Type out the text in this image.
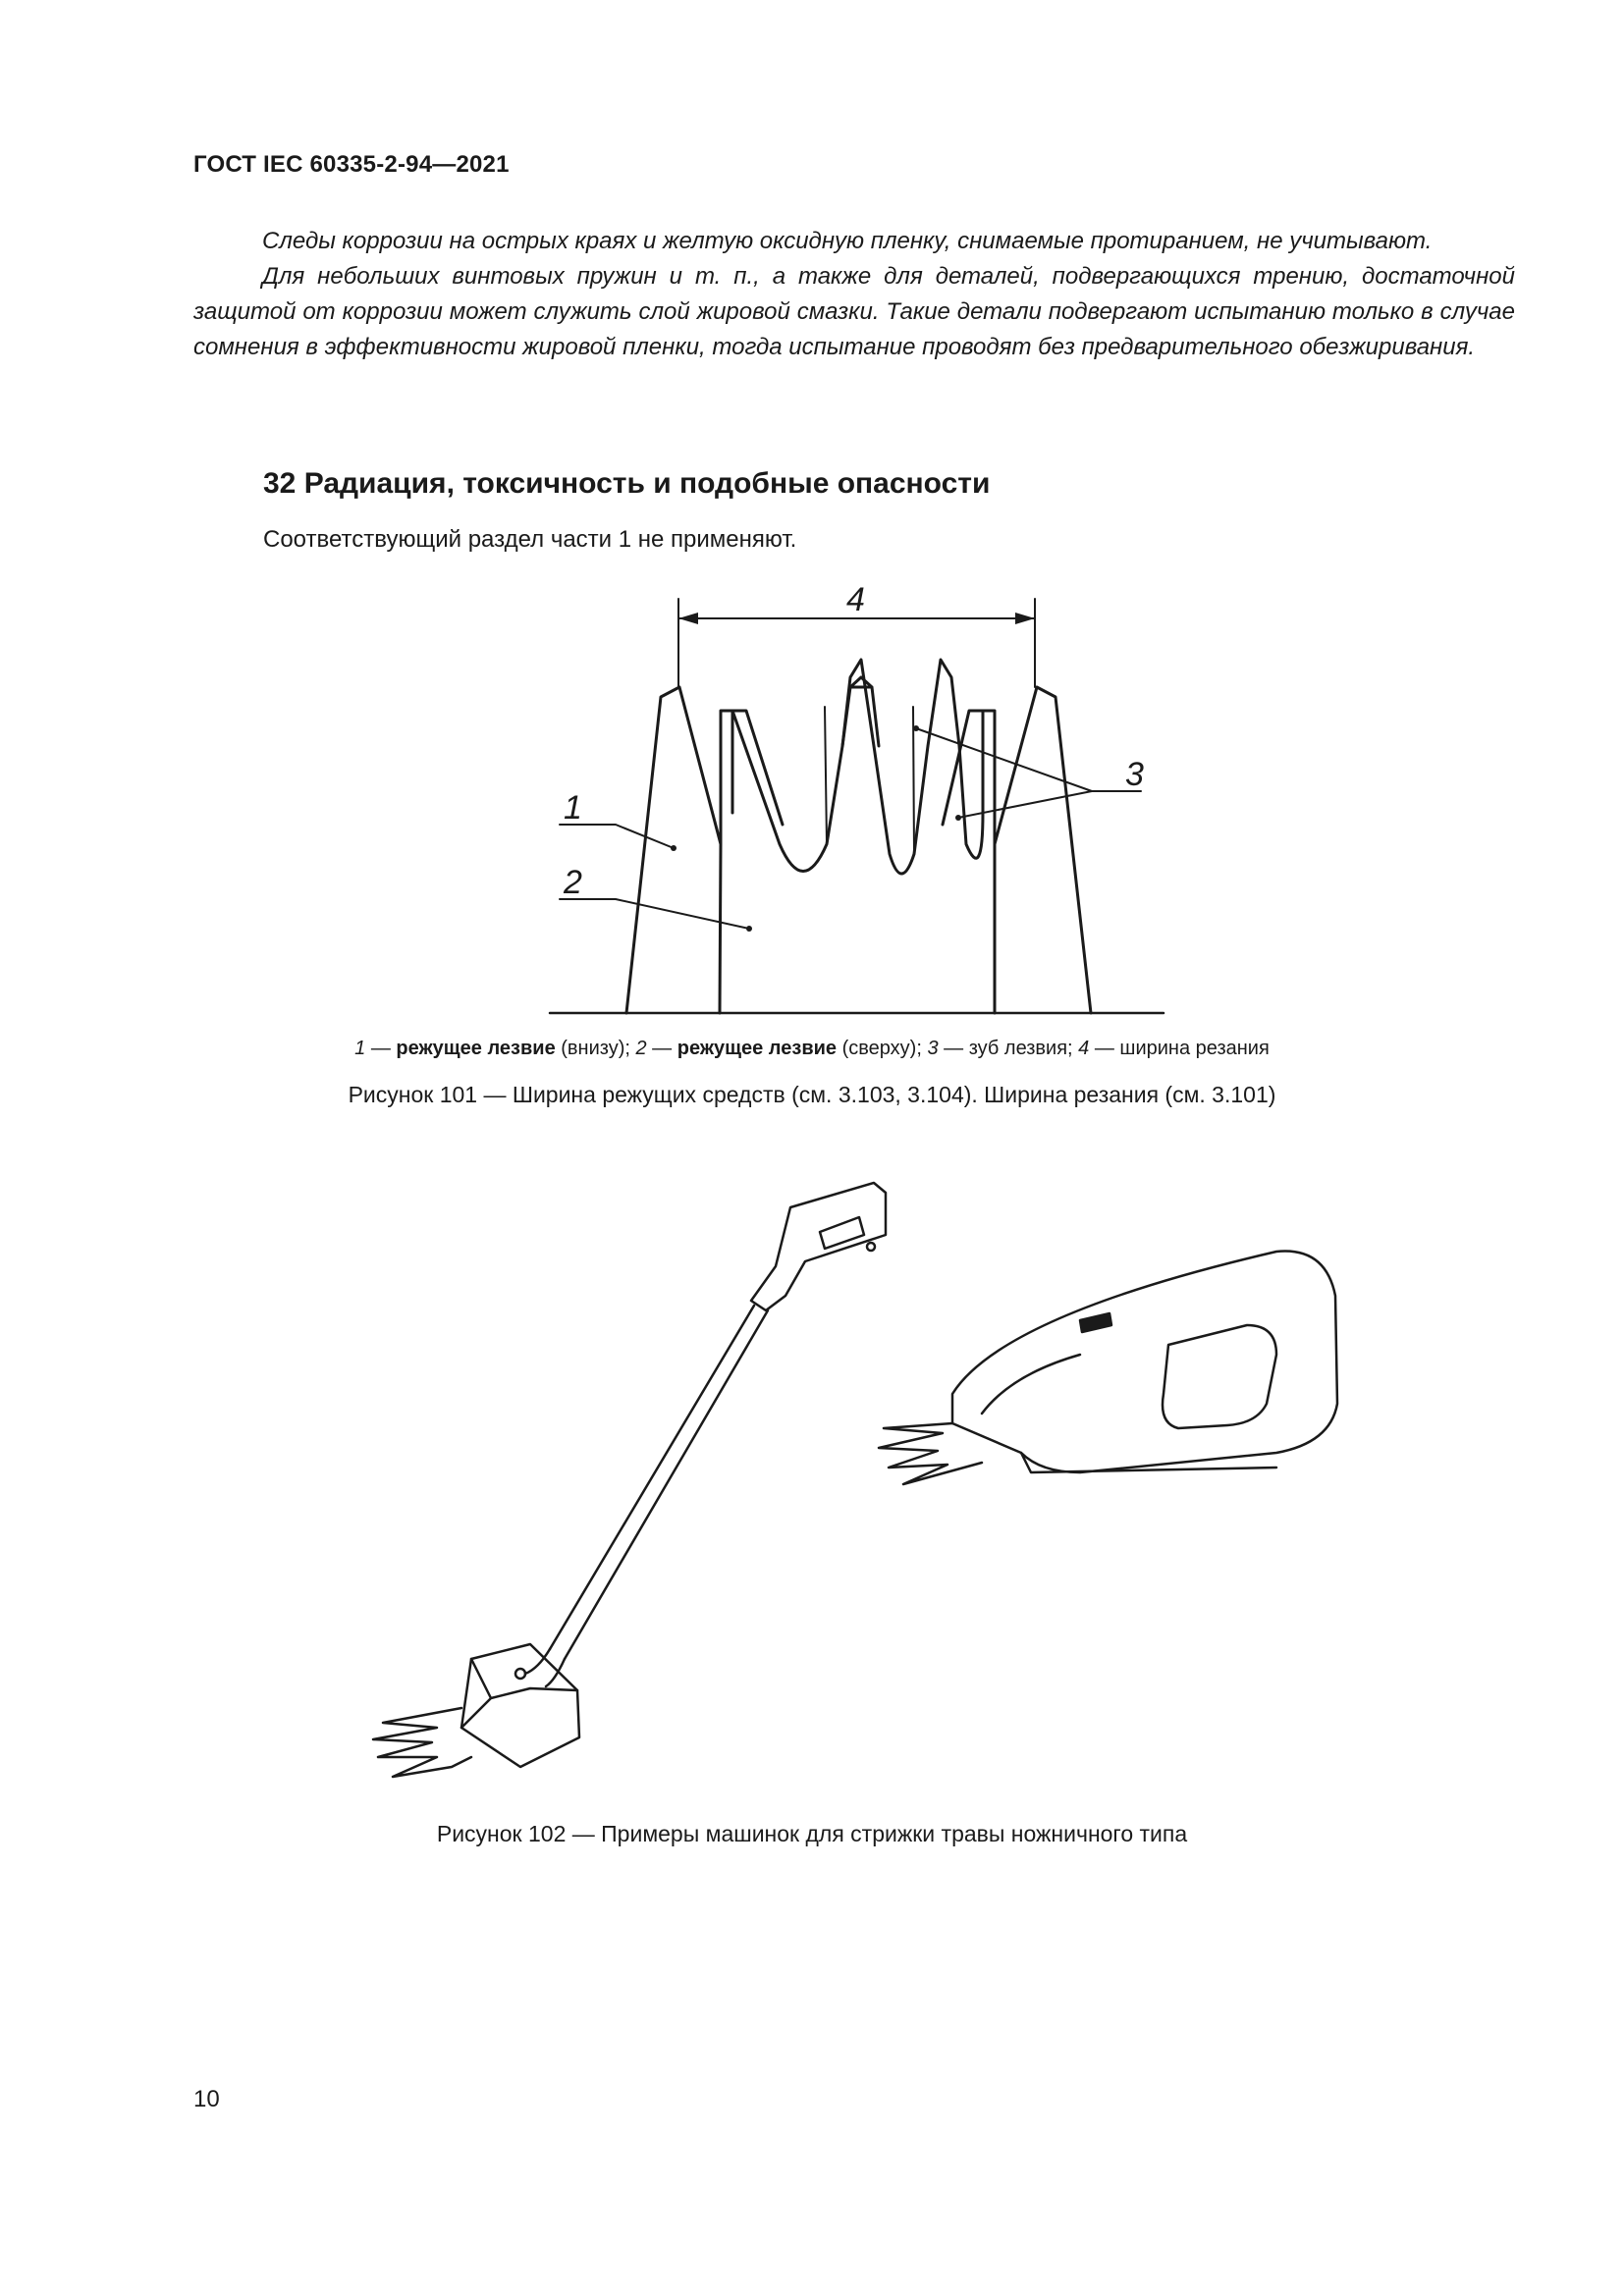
ГОСТ IEC 60335-2-94—2021

Следы коррозии на острых краях и желтую оксидную пленку, снимаемые протиранием, не учитывают.

Для небольших винтовых пружин и т. п., а также для деталей, подвергающихся трению, достаточной защитой от коррозии может служить слой жировой смазки. Такие детали подвергают испытанию только в случае сомнения в эффективности жировой пленки, тогда испытание проводят без предварительного обезжиривания.

32 Радиация, токсичность и подобные опасности
Соответствующий раздел части 1 не применяют.
4
3
1
2
1 — режущее лезвие (внизу); 2 — режущее лезвие (сверху); 3 — зуб лезвия; 4 — ширина резания
Рисунок 101 — Ширина режущих средств (см. 3.103, 3.104). Ширина резания (см. 3.101)
Рисунок 102 — Примеры машинок для стрижки травы ножничного типа
10
